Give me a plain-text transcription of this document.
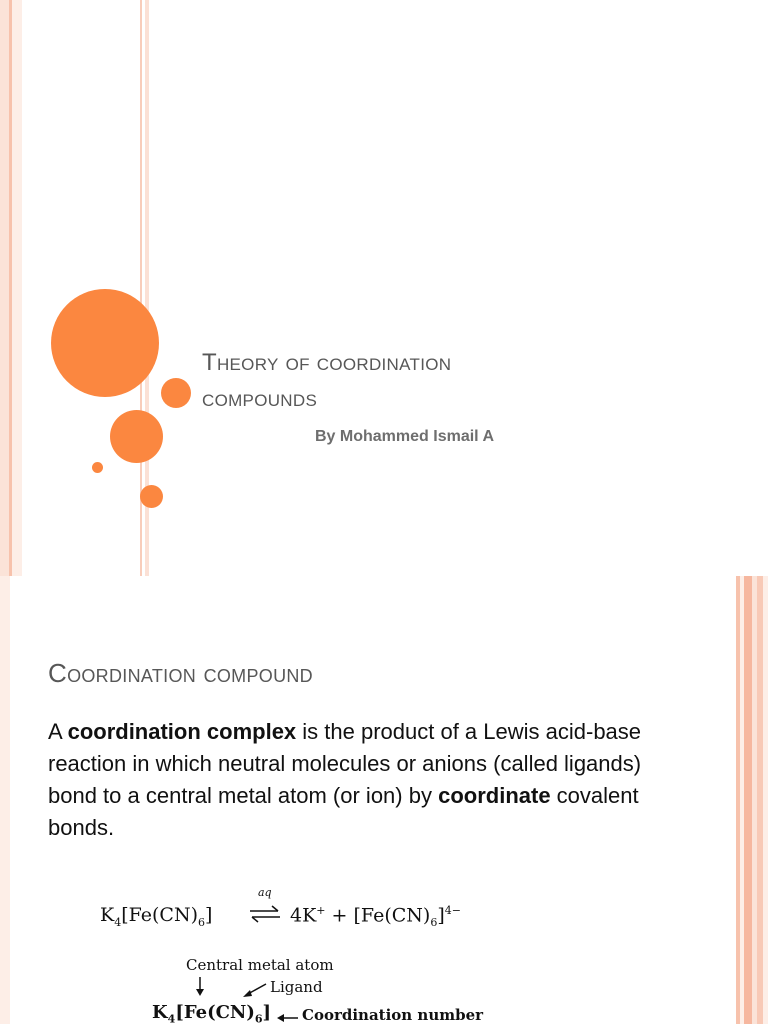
Theory of coordination
compounds
By Mohammed Ismail A
Coordination compound
A coordination complex is the product of a Lewis acid-base reaction in which neutral molecules or anions (called ligands) bond to a central metal atom (or ion) by coordinate covalent bonds.
$K_4[Fe(CN)_6]$
aq
$4K^+ + [Fe(CN)_6]^{4-}$
Central metal atom
Ligand
$K_4[Fe(CN)_6]$ Coordination number
